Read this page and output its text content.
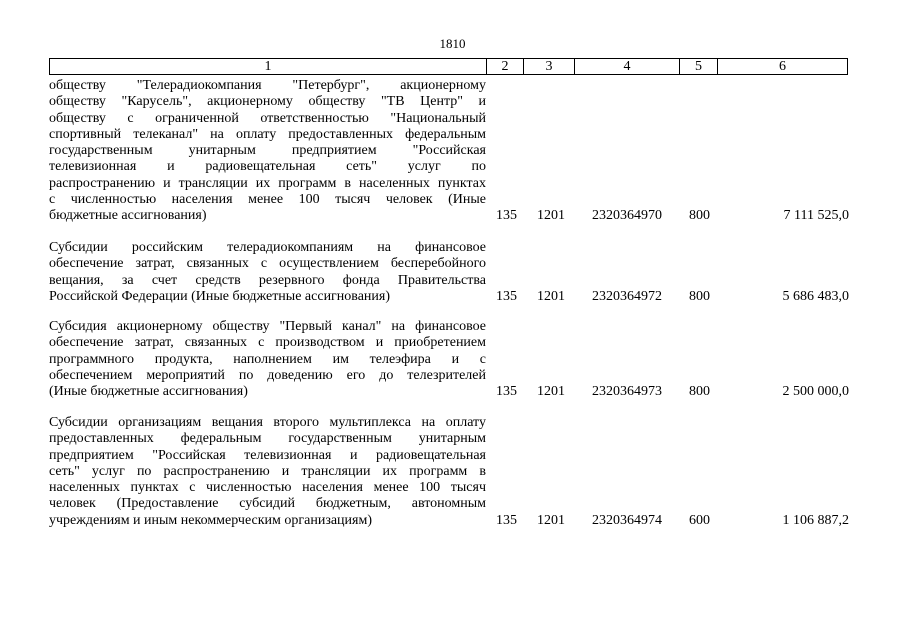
1810
1	2	3	4	5	6
обществу "Телерадиокомпания "Петербург", акционерному
обществу "Карусель", акционерному обществу "ТВ Центр" и
обществу с ограниченной ответственностью "Национальный
спортивный телеканал" на оплату предоставленных федеральным
государственным унитарным предприятием "Российская
телевизионная и радиовещательная сеть" услуг по
распространению и трансляции их программ в населенных пунктах
с численностью населения менее 100 тысяч человек (Иные
бюджетные ассигнования)	135 1201 2320364970 800	7 111 525,0
Субсидии российским телерадиокомпаниям на финансовое
обеспечение затрат, связанных с осуществлением бесперебойного
вещания, за счет средств резервного фонда Правительства
Российской Федерации (Иные бюджетные ассигнования)	135 1201 2320364972 800	5 686 483,0
Субсидия акционерному обществу "Первый канал" на финансовое
обеспечение затрат, связанных с производством и приобретением
программного продукта, наполнением им телеэфира и с
обеспечением мероприятий по доведению его до телезрителей
(Иные бюджетные ассигнования)	135 1201 2320364973 800	2 500 000,0
Субсидии организациям вещания второго мультиплекса на оплату
предоставленных федеральным государственным унитарным
предприятием "Российская телевизионная и радиовещательная
сеть" услуг по распространению и трансляции их программ в
населенных пунктах с численностью населения менее 100 тысяч
человек (Предоставление субсидий бюджетным, автономным
учреждениям и иным некоммерческим организациям)	135 1201 2320364974 600	1 106 887,2
